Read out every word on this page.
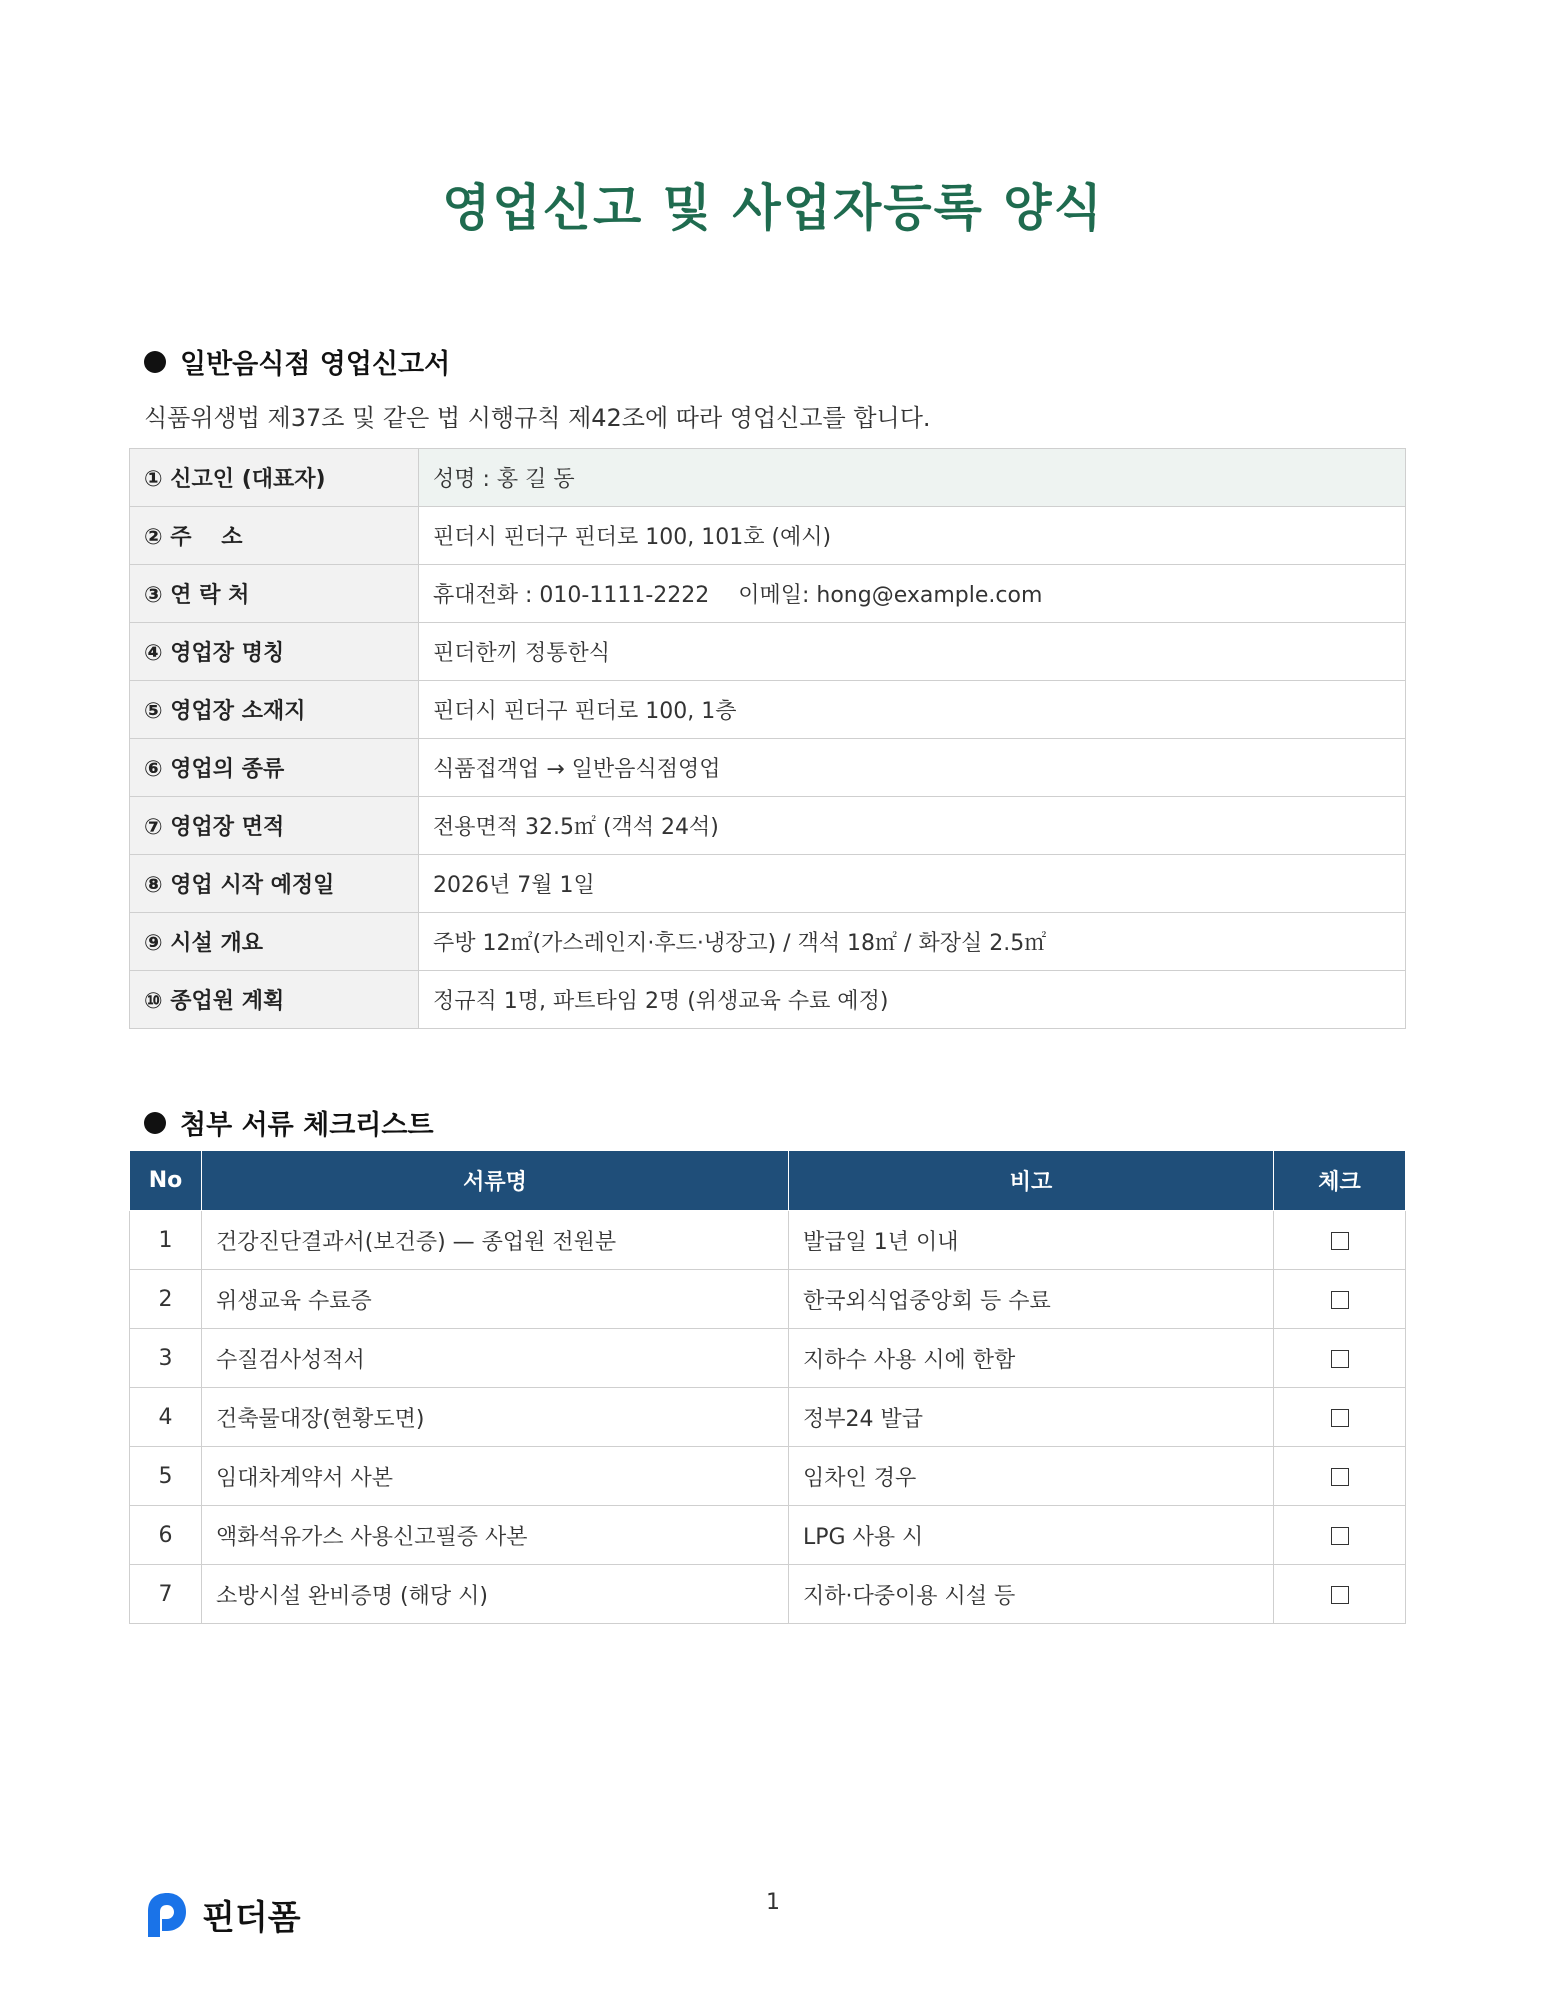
영업신고 및 사업자등록 양식
일반음식점 영업신고서
식품위생법 제37조 및 같은 법 시행규칙 제42조에 따라 영업신고를 합니다.
① 신고인 (대표자)	성명 : 홍 길 동
② 주　 소	핀더시 핀더구 핀더로 100, 101호 (예시)
③ 연 락 처	휴대전화 : 010-1111-2222　 이메일: hong@example.com
④ 영업장 명칭	핀더한끼 정통한식
⑤ 영업장 소재지	핀더시 핀더구 핀더로 100, 1층
⑥ 영업의 종류	식품접객업 → 일반음식점영업
⑦ 영업장 면적	전용면적 32.5㎡ (객석 24석)
⑧ 영업 시작 예정일	2026년 7월 1일
⑨ 시설 개요	주방 12㎡(가스레인지·후드·냉장고) / 객석 18㎡ / 화장실 2.5㎡
⑩ 종업원 계획	정규직 1명, 파트타임 2명 (위생교육 수료 예정)
첨부 서류 체크리스트
No	서류명	비고	체크
1	건강진단결과서(보건증) — 종업원 전원분	발급일 1년 이내	
2	위생교육 수료증	한국외식업중앙회 등 수료	
3	수질검사성적서	지하수 사용 시에 한함	
4	건축물대장(현황도면)	정부24 발급	
5	임대차계약서 사본	임차인 경우	
6	액화석유가스 사용신고필증 사본	LPG 사용 시	
7	소방시설 완비증명 (해당 시)	지하·다중이용 시설 등	
핀더폼	1
